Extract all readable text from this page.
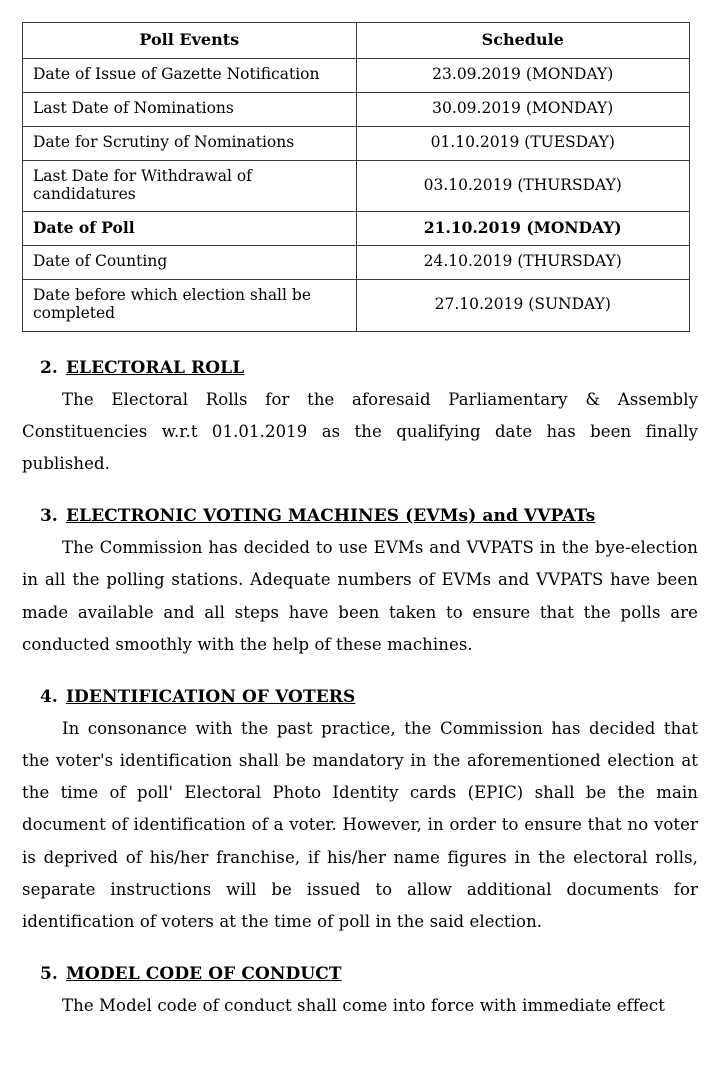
Poll Events	Schedule
Date of Issue of Gazette Notification	23.09.2019 (MONDAY)
Last Date of Nominations	30.09.2019 (MONDAY)
Date for Scrutiny of Nominations	01.10.2019 (TUESDAY)
Last Date for Withdrawal of candidatures	03.10.2019 (THURSDAY)
Date of Poll	21.10.2019 (MONDAY)
Date of Counting	24.10.2019 (THURSDAY)
Date before which election shall be completed	27.10.2019 (SUNDAY)
2. ELECTORAL ROLL

The Electoral Rolls for the aforesaid Parliamentary & Assembly Constituencies w.r.t 01.01.2019 as the qualifying date has been finally published.

3. ELECTRONIC VOTING MACHINES (EVMs) and VVPATs

The Commission has decided to use EVMs and VVPATS in the bye-election in all the polling stations. Adequate numbers of EVMs and VVPATS have been made available and all steps have been taken to ensure that the polls are conducted smoothly with the help of these machines.

4. IDENTIFICATION OF VOTERS

In consonance with the past practice, the Commission has decided that the voter's identification shall be mandatory in the aforementioned election at the time of poll' Electoral Photo Identity cards (EPIC) shall be the main document of identification of a voter. However, in order to ensure that no voter is deprived of his/her franchise, if his/her name figures in the electoral rolls, separate instructions will be issued to allow additional documents for identification of voters at the time of poll in the said election.

5. MODEL CODE OF CONDUCT

The Model code of conduct shall come into force with immediate effect
